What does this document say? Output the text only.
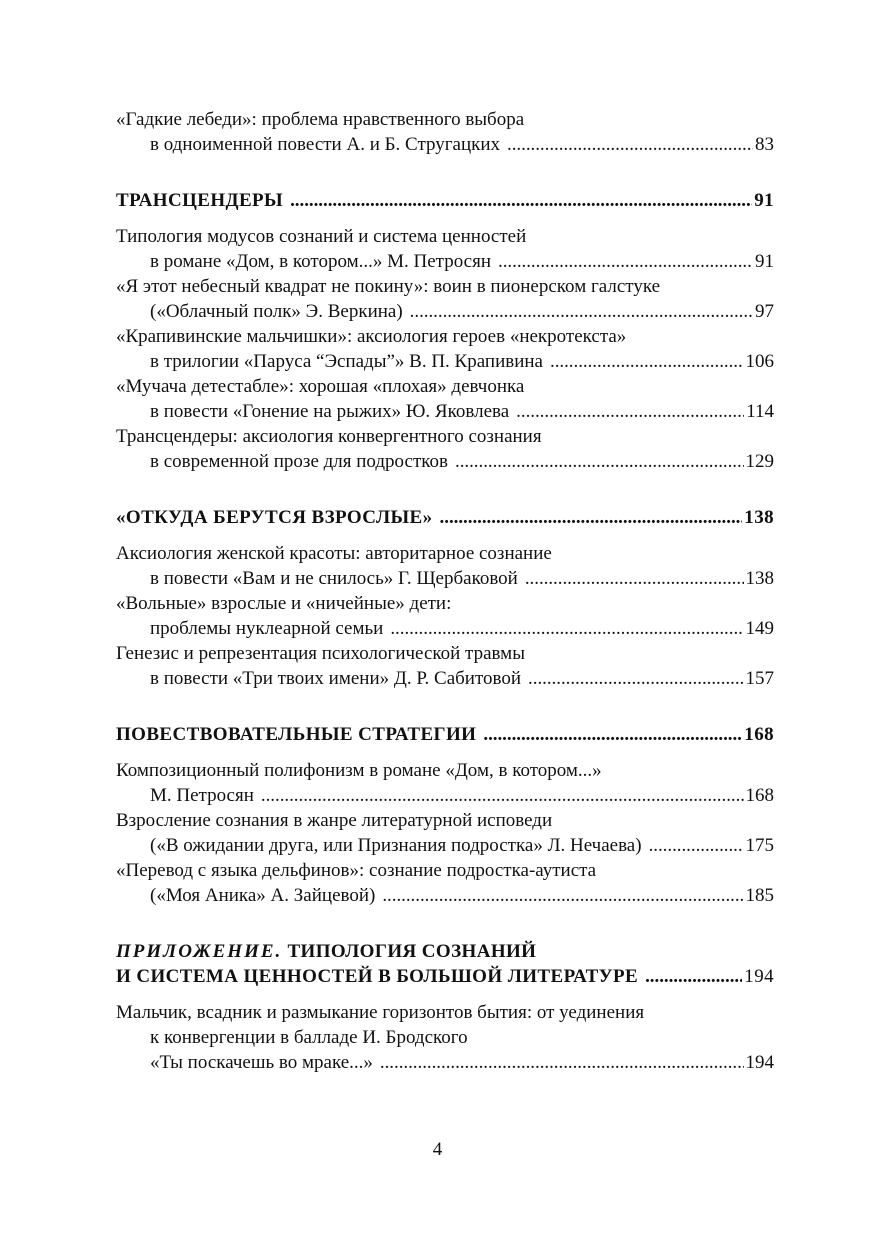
«Гадкие лебеди»: проблема нравственного выбора
в одноименной повести А. и Б. Стругацких . . .	83
ТРАНСЦЕНДЕРЫ . . .	91
Типология модусов сознаний и система ценностей
в романе «Дом, в котором...» М. Петросян . . .	91
«Я этот небесный квадрат не покину»: воин в пионерском галстуке
(«Облачный полк» Э. Веркина) . . .	97
«Крапивинские мальчишки»: аксиология героев «некротекста»
в трилогии «Паруса “Эспады”» В. П. Крапивина . . .	106
«Мучача детестабле»: хорошая «плохая» девчонка
в повести «Гонение на рыжих» Ю. Яковлева . . .	114
Трансцендеры: аксиология конвергентного сознания
в современной прозе для подростков . . .	129
«ОТКУДА БЕРУТСЯ ВЗРОСЛЫЕ» . . .	138
Аксиология женской красоты: авторитарное сознание
в повести «Вам и не снилось» Г. Щербаковой . . .	138
«Вольные» взрослые и «ничейные» дети:
проблемы нуклеарной семьи . . .	149
Генезис и репрезентация психологической травмы
в повести «Три твоих имени» Д. Р. Сабитовой . . .	157
ПОВЕСТВОВАТЕЛЬНЫЕ СТРАТЕГИИ . . .	168
Композиционный полифонизм в романе «Дом, в котором...»
М. Петросян . . .	168
Взросление сознания в жанре литературной исповеди
(«В ожидании друга, или Признания подростка» Л. Нечаева) . . .	175
«Перевод с языка дельфинов»: сознание подростка-аутиста
(«Моя Аника» А. Зайцевой) . . .	185
ПРИЛОЖЕНИЕ. ТИПОЛОГИЯ СОЗНАНИЙ
И СИСТЕМА ЦЕННОСТЕЙ В БОЛЬШОЙ ЛИТЕРАТУРЕ . . .	194
Мальчик, всадник и размыкание горизонтов бытия: от уединения
к конвергенции в балладе И. Бродского
«Ты поскачешь во мраке...» . . .	194
4
